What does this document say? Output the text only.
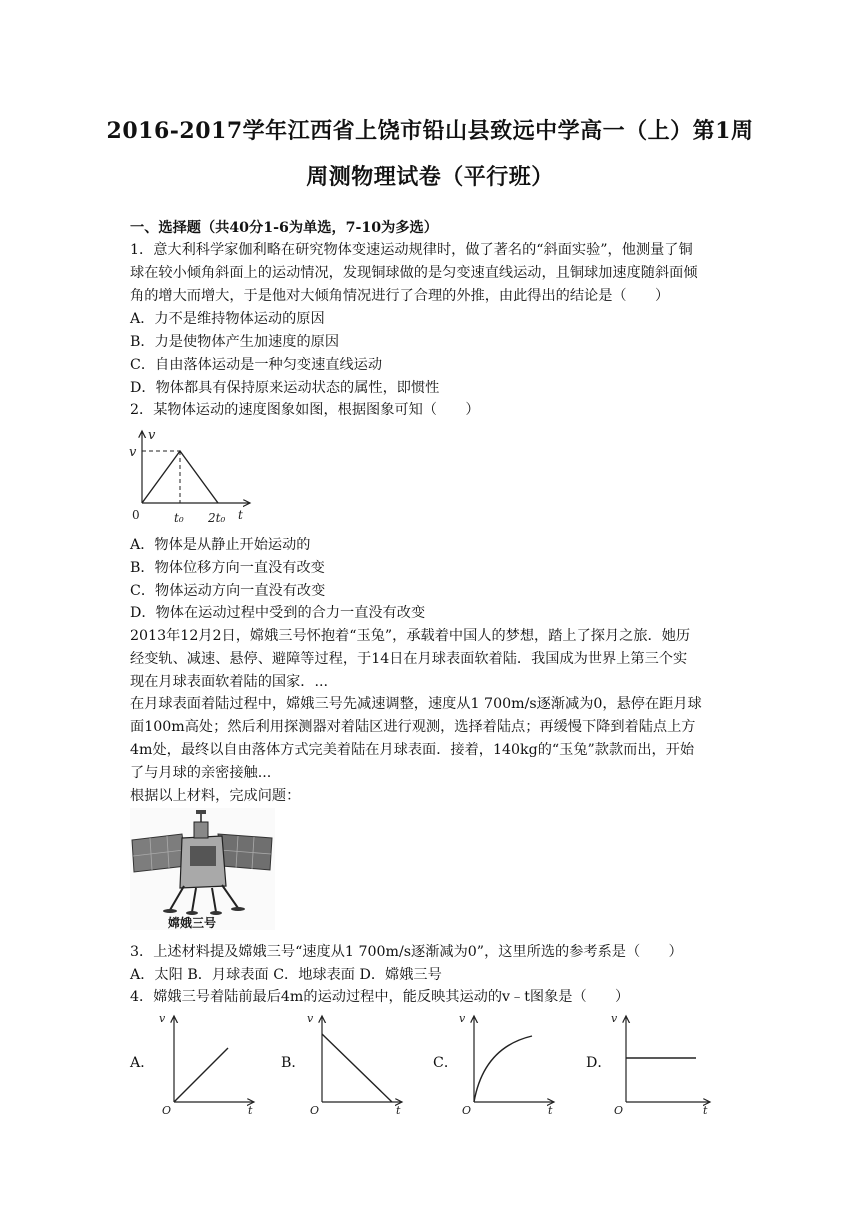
2016-2017学年江西省上饶市铅山县致远中学高一（上）第1周
周测物理试卷（平行班）
一、选择题（共40分1-6为单选，7-10为多选）
1．意大利科学家伽利略在研究物体变速运动规律时，做了著名的“斜面实验”，他测量了铜
球在较小倾角斜面上的运动情况，发现铜球做的是匀变速直线运动，且铜球加速度随斜面倾
角的增大而增大，于是他对大倾角情况进行了合理的外推，由此得出的结论是（　　）
A．力不是维持物体运动的原因
B．力是使物体产生加速度的原因
C．自由落体运动是一种匀变速直线运动
D．物体都具有保持原来运动状态的属性，即惯性
2．某物体运动的速度图象如图，根据图象可知（　　）
v
v
0	t₀ 2t₀ t
A．物体是从静止开始运动的
B．物体位移方向一直没有改变
C．物体运动方向一直没有改变
D．物体在运动过程中受到的合力一直没有改变
2013年12月2日，嫦娥三号怀抱着“玉兔”，承载着中国人的梦想，踏上了探月之旅．她历
经变轨、减速、悬停、避障等过程，于14日在月球表面软着陆．我国成为世界上第三个实
现在月球表面软着陆的国家．...
在月球表面着陆过程中，嫦娥三号先减速调整，速度从1 700m/s逐渐减为0，悬停在距月球
面100m高处；然后利用探测器对着陆区进行观测，选择着陆点；再缓慢下降到着陆点上方
4m处，最终以自由落体方式完美着陆在月球表面．接着，140kg的“玉兔”款款而出，开始
了与月球的亲密接触...
根据以上材料，完成问题：
嫦娥三号
3．上述材料提及嫦娥三号“速度从1 700m/s逐渐减为0”，这里所选的参考系是（　　）
A．太阳 B．月球表面 C．地球表面 D．嫦娥三号
4．嫦娥三号着陆前最后4m的运动过程中，能反映其运动的v﹣t图象是（　　）
A．	B．	C．	D．
v
O	t
v
O	t
v
O	t
v
O	t
